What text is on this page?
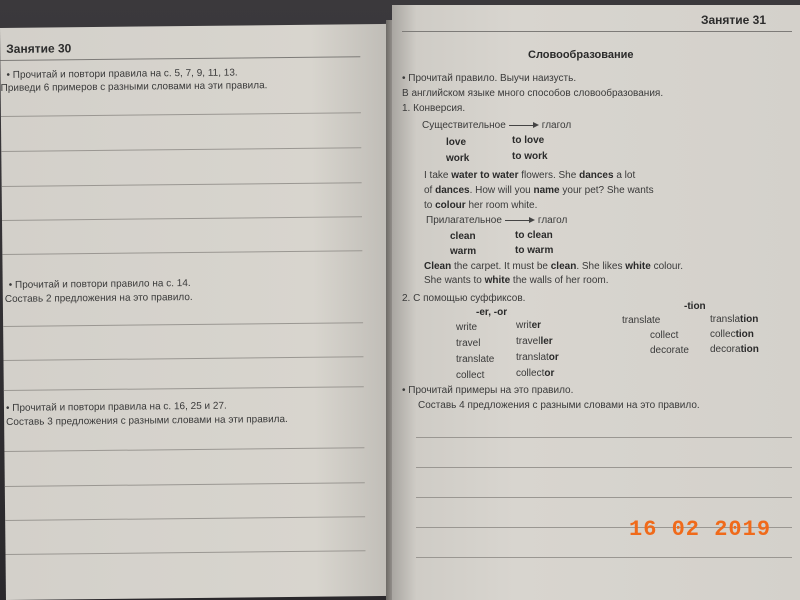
Занятие 30
• Прочитай и повтори правила на с. 5, 7, 9, 11, 13.
Приведи 6 примеров с разными словами на эти правила.
• Прочитай и повтори правило на с. 14.
Составь 2 предложения на это правило.
• Прочитай и повтори правила на с. 16, 25 и 27.
Составь 3 предложения с разными словами на эти правила.
Занятие 31
Словообразование
• Прочитай правило. Выучи наизусть.
В английском языке много способов словообразования.
1. Конверсия.
Существительное	глагол
love	to love
work	to work
I take water to water flowers. She dances a lot
of dances. How will you name your pet? She wants
to colour her room white.
Прилагательное	глагол
clean	to clean
warm	to warm
Clean the carpet. It must be clean. She likes white colour.
She wants to white the walls of her room.
2. С помощью суффиксов.
-er, -or
-tion
write	writer
travel	traveller
translate translator
collect	collector
translate	translation
collect	collection
decorate decoration
• Прочитай примеры на это правило.
Составь 4 предложения с разными словами на это правило.
16 02 2019
